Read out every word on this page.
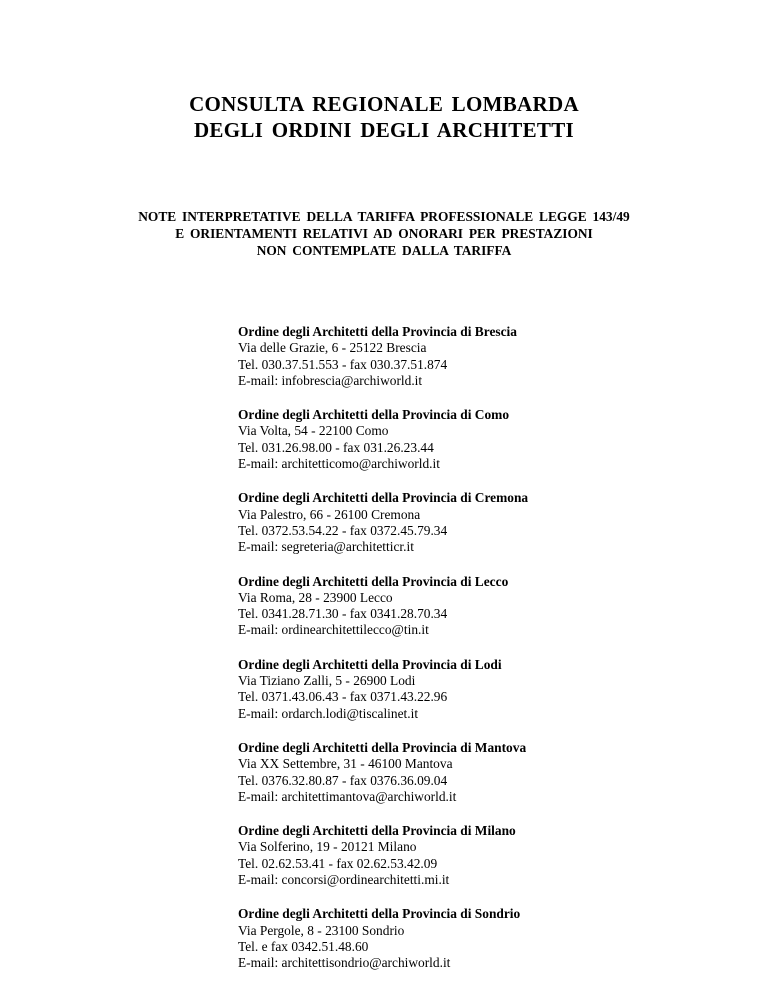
CONSULTA REGIONALE LOMBARDA
DEGLI ORDINI DEGLI ARCHITETTI
NOTE INTERPRETATIVE DELLA TARIFFA PROFESSIONALE LEGGE 143/49
E ORIENTAMENTI RELATIVI AD ONORARI PER PRESTAZIONI
NON CONTEMPLATE DALLA TARIFFA
Ordine degli Architetti della Provincia di Brescia
Via delle Grazie, 6 - 25122 Brescia
Tel. 030.37.51.553 - fax 030.37.51.874
E-mail: infobrescia@archiworld.it
Ordine degli Architetti della Provincia di Como
Via Volta, 54 - 22100 Como
Tel. 031.26.98.00 - fax 031.26.23.44
E-mail: architetticomo@archiworld.it
Ordine degli Architetti della Provincia di Cremona
Via Palestro, 66 - 26100 Cremona
Tel. 0372.53.54.22 - fax 0372.45.79.34
E-mail: segreteria@architetticr.it
Ordine degli Architetti della Provincia di Lecco
Via Roma, 28 - 23900 Lecco
Tel. 0341.28.71.30 - fax 0341.28.70.34
E-mail: ordinearchitettilecco@tin.it
Ordine degli Architetti della Provincia di Lodi
Via Tiziano Zalli, 5 - 26900 Lodi
Tel. 0371.43.06.43 - fax 0371.43.22.96
E-mail: ordarch.lodi@tiscalinet.it
Ordine degli Architetti della Provincia di Mantova
Via XX Settembre, 31 - 46100 Mantova
Tel. 0376.32.80.87 - fax 0376.36.09.04
E-mail: architettimantova@archiworld.it
Ordine degli Architetti della Provincia di Milano
Via Solferino, 19 - 20121 Milano
Tel. 02.62.53.41 - fax 02.62.53.42.09
E-mail: concorsi@ordinearchitetti.mi.it
Ordine degli Architetti della Provincia di Sondrio
Via Pergole, 8 - 23100 Sondrio
Tel. e fax 0342.51.48.60
E-mail: architettisondrio@archiworld.it
